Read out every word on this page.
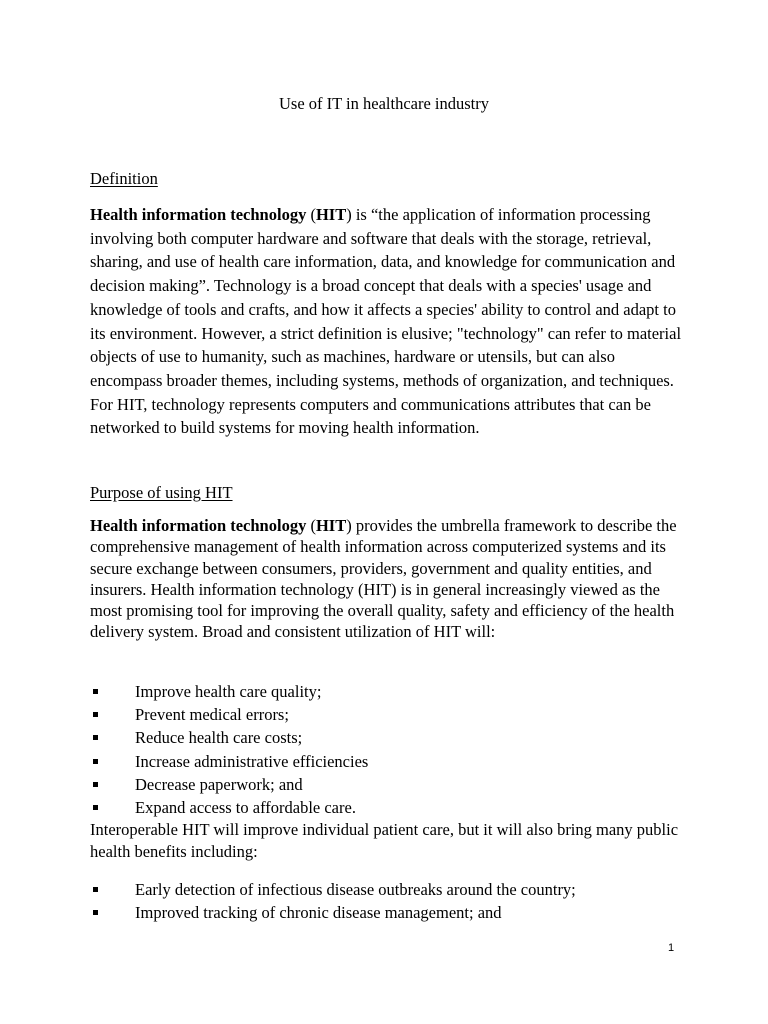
Use of IT in healthcare industry
Definition

Health information technology (HIT) is “the application of information processing involving both computer hardware and software that deals with the storage, retrieval, sharing, and use of health care information, data, and knowledge for communication and decision making”. Technology is a broad concept that deals with a species' usage and knowledge of tools and crafts, and how it affects a species' ability to control and adapt to its environment. However, a strict definition is elusive; "technology" can refer to material objects of use to humanity, such as machines, hardware or utensils, but can also encompass broader themes, including systems, methods of organization, and techniques. For HIT, technology represents computers and communications attributes that can be networked to build systems for moving health information.

Purpose of using HIT

Health information technology (HIT) provides the umbrella framework to describe the comprehensive management of health information across computerized systems and its secure exchange between consumers, providers, government and quality entities, and insurers. Health information technology (HIT) is in general increasingly viewed as the most promising tool for improving the overall quality, safety and efficiency of the health delivery system. Broad and consistent utilization of HIT will:

Improve health care quality;
Prevent medical errors;
Reduce health care costs;
Increase administrative efficiencies
Decrease paperwork; and
Expand access to affordable care.

Interoperable HIT will improve individual patient care, but it will also bring many public health benefits including:

Early detection of infectious disease outbreaks around the country;
Improved tracking of chronic disease management; and
1
